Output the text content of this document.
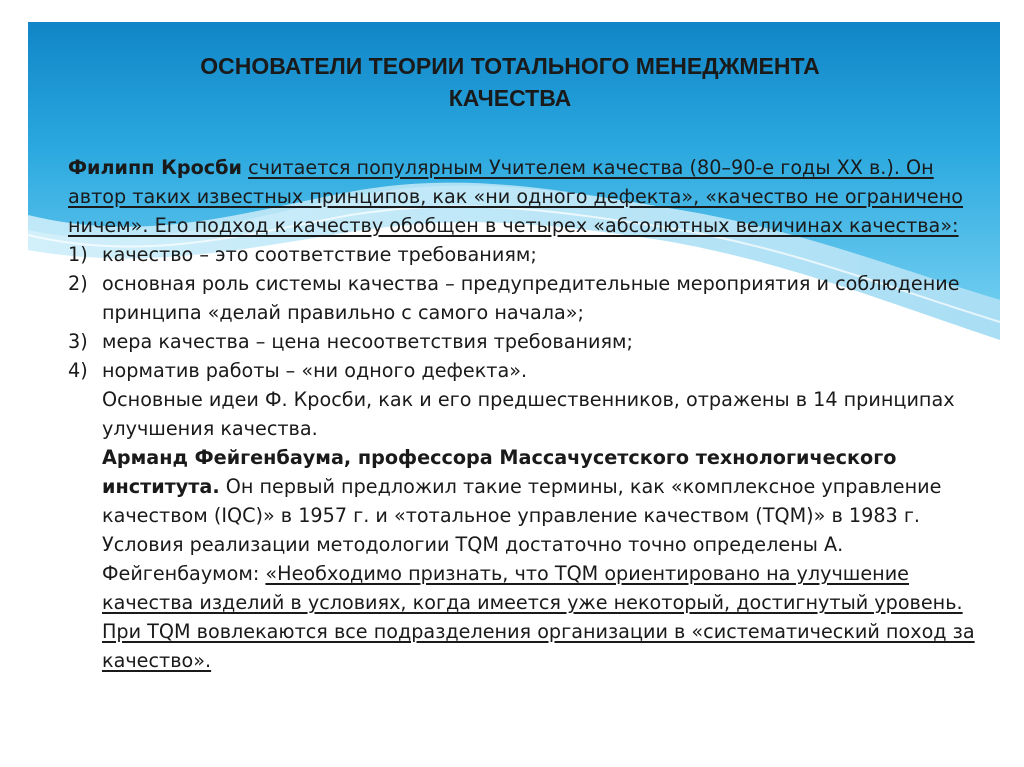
ОСНОВАТЕЛИ ТЕОРИИ ТОТАЛЬНОГО МЕНЕДЖМЕНТА
КАЧЕСТВА

Филипп Кросби считается популярным Учителем качества (80–90-е годы XX в.). Он автор таких известных принципов, как «ни одного дефекта», «качество не ограничено ничем». Его подход к качеству обобщен в четырех «абсолютных величинах качества»:

1) качество – это соответствие требованиям;
2) основная роль системы качества – предупредительные мероприятия и соблюдение принципа «делай правильно с самого начала»;
3) мера качества – цена несоответствия требованиям;
4) норматив работы – «ни одного дефекта».

Основные идеи Ф. Кросби, как и его предшественников, отражены в 14 принципах улучшения качества.

Арманд Фейгенбаума, профессора Массачусетского технологического института. Он первый предложил такие термины, как «комплексное управление качеством (IQC)» в 1957 г. и «тотальное управление качеством (TQM)» в 1983 г. Условия реализации методологии TQM достаточно точно определены А. Фейгенбаумом: «Необходимо признать, что TQM ориентировано на улучшение качества изделий в условиях, когда имеется уже некоторый, достигнутый уровень. При TQM вовлекаются все подразделения организации в «систематический поход за качество».
